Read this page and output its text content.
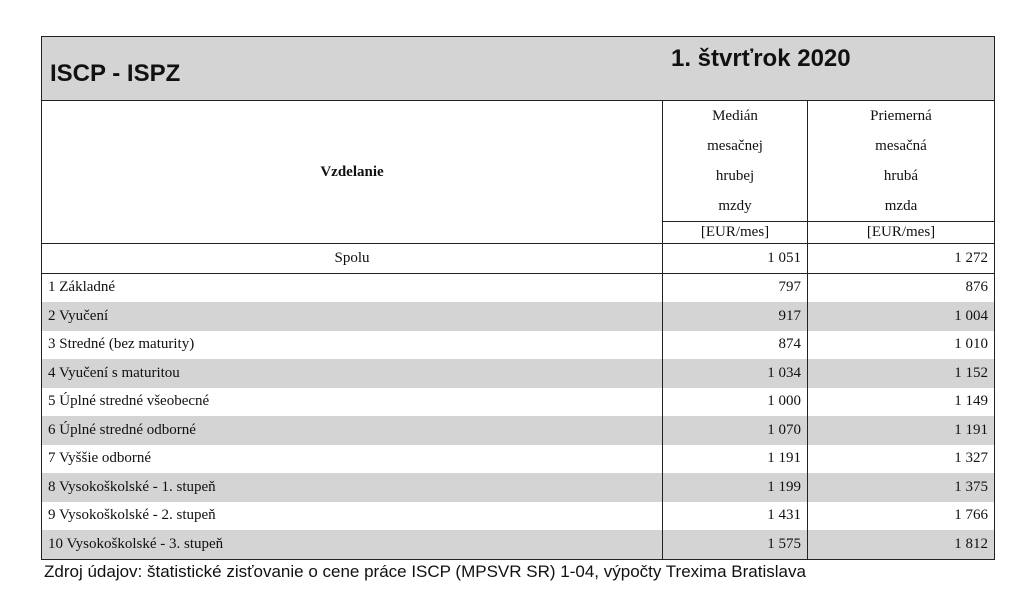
ISCP - ISPZ
1. štvrťrok 2020
Vzdelanie
Medián
mesačnej
hrubej
mzdy
[EUR/mes]
Priemerná
mesačná
hrubá
mzda
[EUR/mes]
Spolu	1 051	1 272
1 Základné	797	876
2 Vyučení	917	1 004
3 Stredné (bez maturity)	874	1 010
4 Vyučení s maturitou	1 034	1 152
5 Úplné stredné všeobecné	1 000	1 149
6 Úplné stredné odborné	1 070	1 191
7 Vyššie odborné	1 191	1 327
8 Vysokoškolské - 1. stupeň	1 199	1 375
9 Vysokoškolské - 2. stupeň	1 431	1 766
10 Vysokoškolské - 3. stupeň	1 575	1 812
Zdroj údajov: štatistické zisťovanie o cene práce ISCP (MPSVR SR) 1-04, výpočty Trexima Bratislava
